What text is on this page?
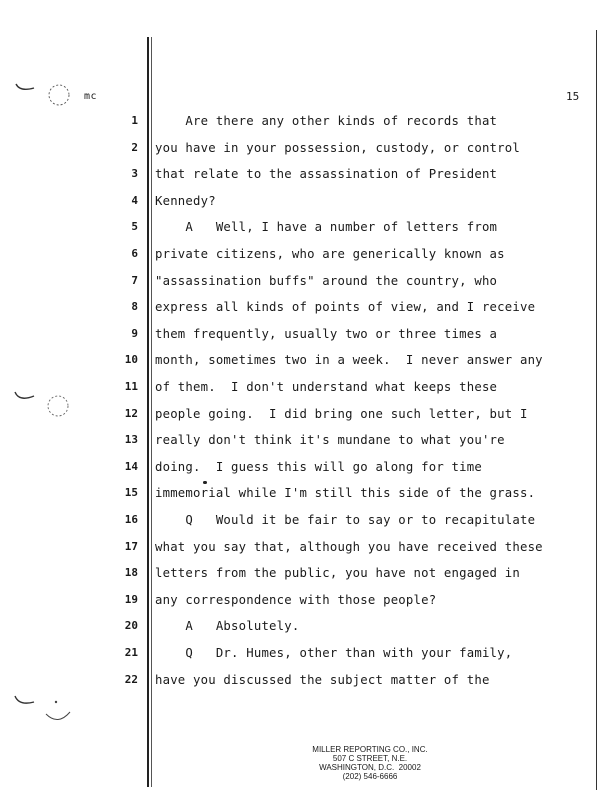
mc	15
1 Are there any other kinds of records that
2 you have in your possession, custody, or control
3 that relate to the assassination of President
4 Kennedy?
5 A   Well, I have a number of letters from
6 private citizens, who are generically known as
7 "assassination buffs" around the country, who
8 express all kinds of points of view, and I receive
9 them frequently, usually two or three times a
10 month, sometimes two in a week.  I never answer any
11 of them.  I don't understand what keeps these
12 people going.  I did bring one such letter, but I
13 really don't think it's mundane to what you're
14 doing.  I guess this will go along for time
15 immemorial while I'm still this side of the grass.
16 Q   Would it be fair to say or to recapitulate
17 what you say that, although you have received these
18 letters from the public, you have not engaged in
19 any correspondence with those people?
20 A   Absolutely.
21 Q   Dr. Humes, other than with your family,
22 have you discussed the subject matter of the
MILLER REPORTING CO., INC.
507 C STREET, N.E.
WASHINGTON, D.C.  20002
(202) 546-6666
